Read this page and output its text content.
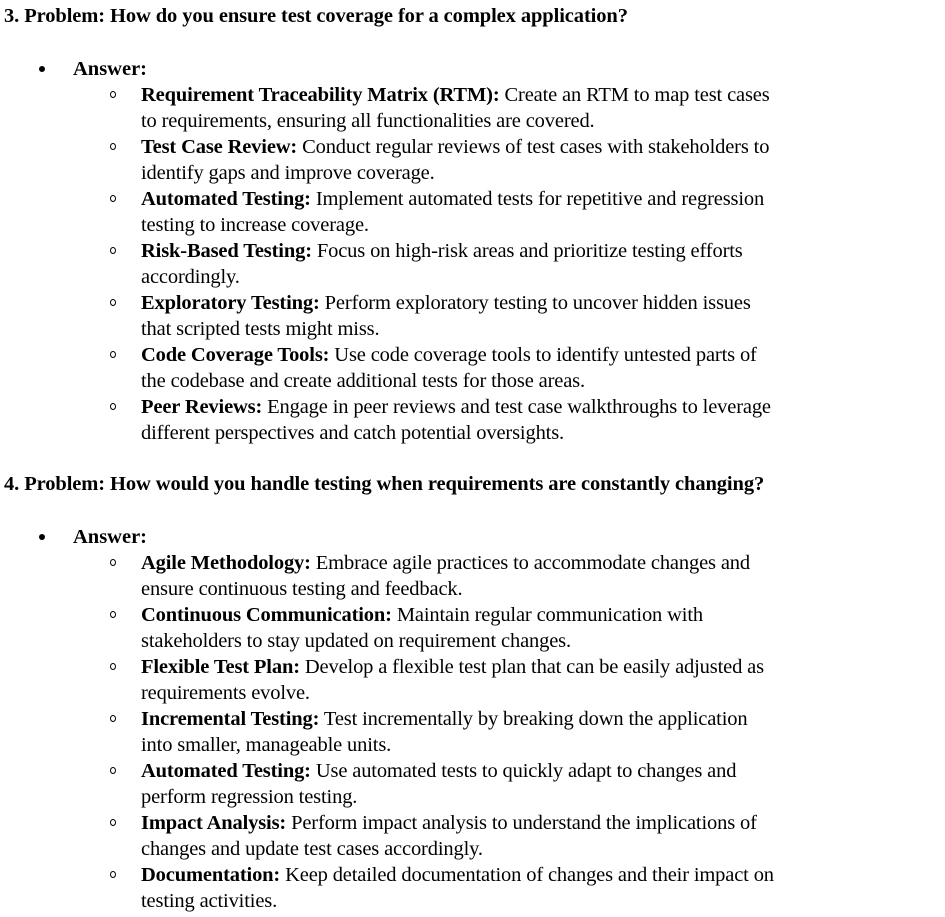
3. Problem: How do you ensure test coverage for a complex application?
Answer:
Requirement Traceability Matrix (RTM): Create an RTM to map test cases
to requirements, ensuring all functionalities are covered.
Test Case Review: Conduct regular reviews of test cases with stakeholders to
identify gaps and improve coverage.
Automated Testing: Implement automated tests for repetitive and regression
testing to increase coverage.
Risk-Based Testing: Focus on high-risk areas and prioritize testing efforts
accordingly.
Exploratory Testing: Perform exploratory testing to uncover hidden issues
that scripted tests might miss.
Code Coverage Tools: Use code coverage tools to identify untested parts of
the codebase and create additional tests for those areas.
Peer Reviews: Engage in peer reviews and test case walkthroughs to leverage
different perspectives and catch potential oversights.
4. Problem: How would you handle testing when requirements are constantly changing?
Answer:
Agile Methodology: Embrace agile practices to accommodate changes and
ensure continuous testing and feedback.
Continuous Communication: Maintain regular communication with
stakeholders to stay updated on requirement changes.
Flexible Test Plan: Develop a flexible test plan that can be easily adjusted as
requirements evolve.
Incremental Testing: Test incrementally by breaking down the application
into smaller, manageable units.
Automated Testing: Use automated tests to quickly adapt to changes and
perform regression testing.
Impact Analysis: Perform impact analysis to understand the implications of
changes and update test cases accordingly.
Documentation: Keep detailed documentation of changes and their impact on
testing activities.
